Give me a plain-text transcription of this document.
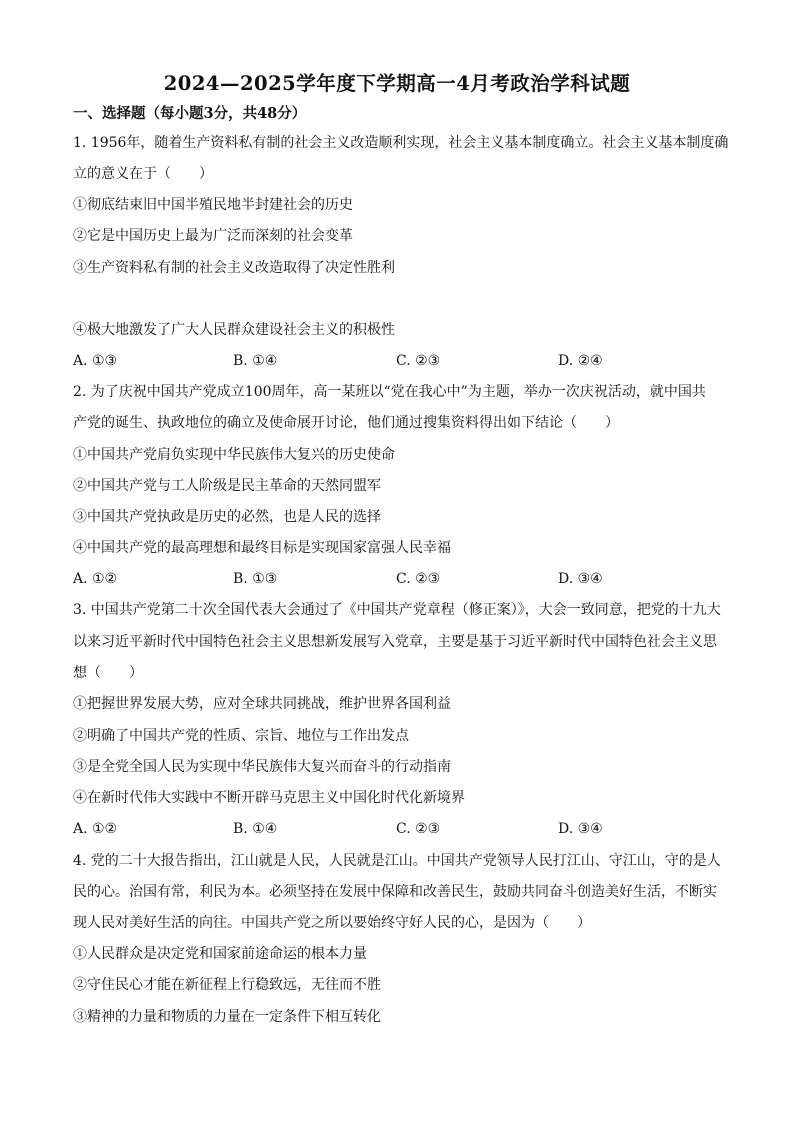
2024—2025学年度下学期高一4月考政治学科试题
一、选择题（每小题3分，共48分）
1. 1956年，随着生产资料私有制的社会主义改造顺利实现，社会主义基本制度确立。社会主义基本制度确
立的意义在于（　　）
①彻底结束旧中国半殖民地半封建社会的历史
②它是中国历史上最为广泛而深刻的社会变革
③生产资料私有制的社会主义改造取得了决定性胜利
④极大地激发了广大人民群众建设社会主义的积极性
A. ①③	B. ①④	C. ②③	D. ②④
2. 为了庆祝中国共产党成立100周年，高一某班以“党在我心中”为主题，举办一次庆祝活动，就中国共
产党的诞生、执政地位的确立及使命展开讨论，他们通过搜集资料得出如下结论（　　）
①中国共产党肩负实现中华民族伟大复兴的历史使命
②中国共产党与工人阶级是民主革命的天然同盟军
③中国共产党执政是历史的必然，也是人民的选择
④中国共产党的最高理想和最终目标是实现国家富强人民幸福
A. ①②	B. ①③	C. ②③	D. ③④
3. 中国共产党第二十次全国代表大会通过了《中国共产党章程（修正案）》，大会一致同意，把党的十九大
以来习近平新时代中国特色社会主义思想新发展写入党章，主要是基于习近平新时代中国特色社会主义思
想（　　）
①把握世界发展大势，应对全球共同挑战，维护世界各国利益
②明确了中国共产党的性质、宗旨、地位与工作出发点
③是全党全国人民为实现中华民族伟大复兴而奋斗的行动指南
④在新时代伟大实践中不断开辟马克思主义中国化时代化新境界
A. ①②	B. ①④	C. ②③	D. ③④
4. 党的二十大报告指出，江山就是人民，人民就是江山。中国共产党领导人民打江山、守江山，守的是人
民的心。治国有常，利民为本。必须坚持在发展中保障和改善民生，鼓励共同奋斗创造美好生活，不断实
现人民对美好生活的向往。中国共产党之所以要始终守好人民的心，是因为（　　）
①人民群众是决定党和国家前途命运的根本力量
②守住民心才能在新征程上行稳致远，无往而不胜
③精神的力量和物质的力量在一定条件下相互转化
